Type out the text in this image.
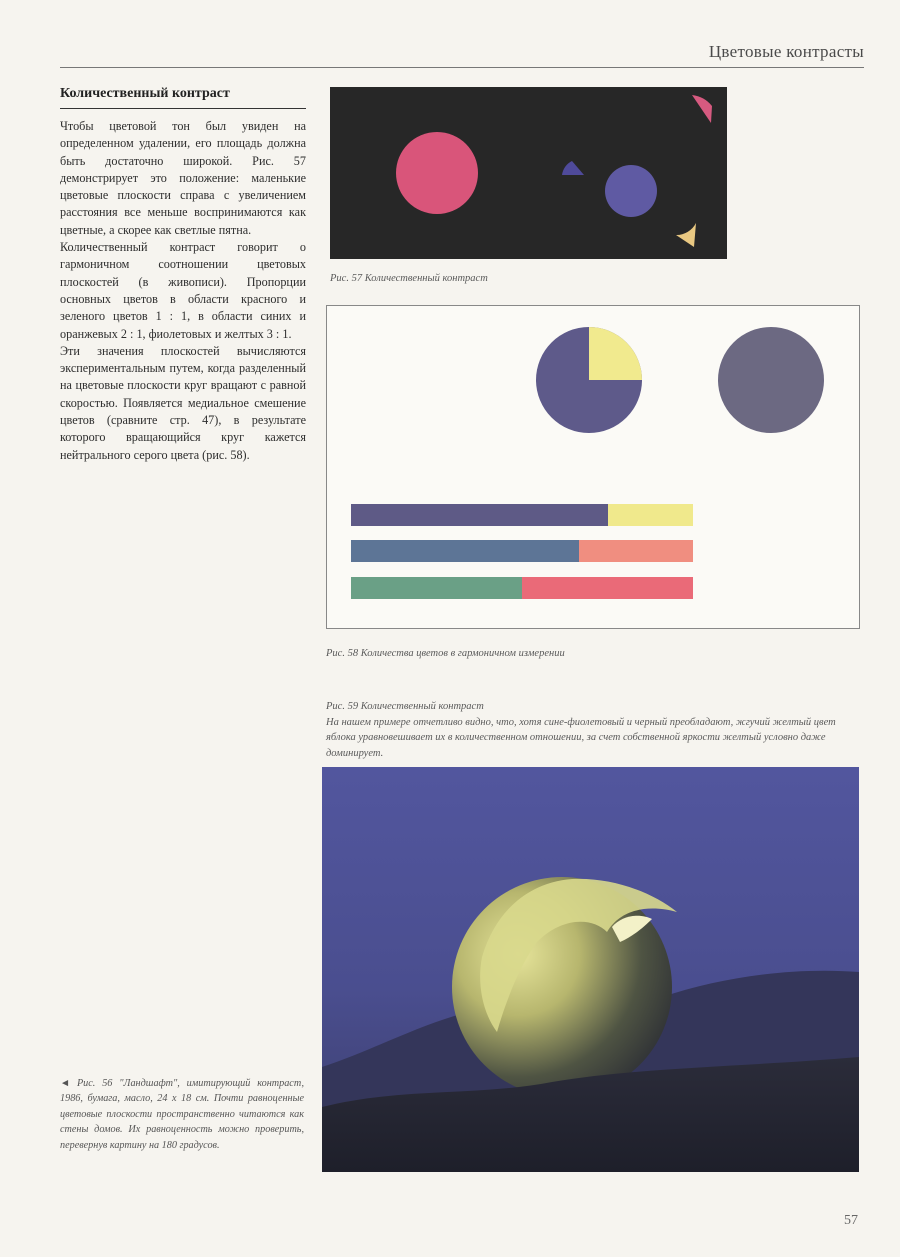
Цветовые контрасты
Количественный контраст

Чтобы цветовой тон был увиден на определенном удалении, его площадь должна быть достаточно широкой. Рис. 57 демонстрирует это положение: маленькие цветовые плоскости справа с увеличением расстояния все меньше воспринимаются как цветные, а скорее как светлые пятна.

Количественный контраст говорит о гармоничном соотношении цветовых плоскостей (в живописи). Пропорции основных цветов в области красного и зеленого цветов 1 : 1, в области синих и оранжевых 2 : 1, фиолетовых и желтых 3 : 1.

Эти значения плоскостей вычисляются экспериментальным путем, когда разделенный на цветовые плоскости круг вращают с равной скоростью. Появляется медиальное смешение цветов (сравните стр. 47), в результате которого вращающийся круг кажется нейтрального серого цвета (рис. 58).

Рис. 57 Количественный контраст
Рис. 58 Количества цветов в гармоничном измерении
Рис. 59 Количественный контраст
На нашем примере отчетливо видно, что, хотя сине-фиолетовый и черный преобладают, жгучий желтый цвет яблока уравновешивает их в количественном отношении, за счет собственной яркости желтый условно даже доминирует.
◄ Рис. 56 "Ландшафт", имитирующий контраст, 1986, бумага, масло, 24 x 18 см. Почти равноценные цветовые плоскости пространственно читаются как стены домов. Их равноценность можно проверить, перевернув картину на 180 градусов.
57
